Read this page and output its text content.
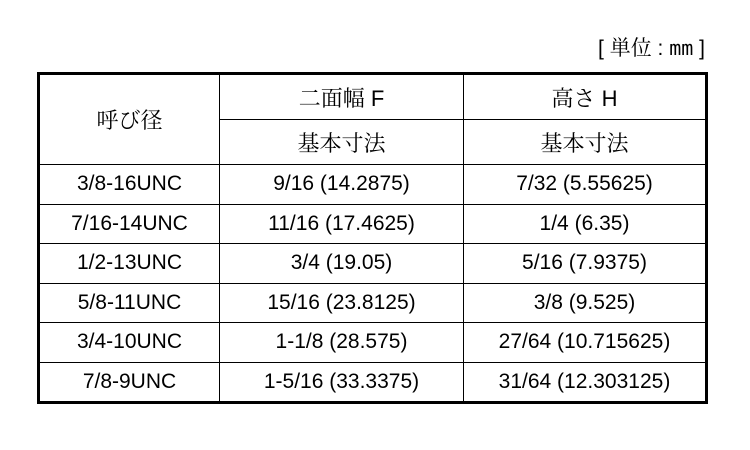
[ 単位 : mm ]
呼び径	二面幅 F	高さ H
	基本寸法	基本寸法
3/8-16UNC	9/16 (14.2875)	7/32 (5.55625)
7/16-14UNC	11/16 (17.4625)	1/4 (6.35)
1/2-13UNC	3/4 (19.05)	5/16 (7.9375)
5/8-11UNC	15/16 (23.8125)	3/8 (9.525)
3/4-10UNC	1-1/8 (28.575)	27/64 (10.715625)
7/8-9UNC	1-5/16 (33.3375)	31/64 (12.303125)
